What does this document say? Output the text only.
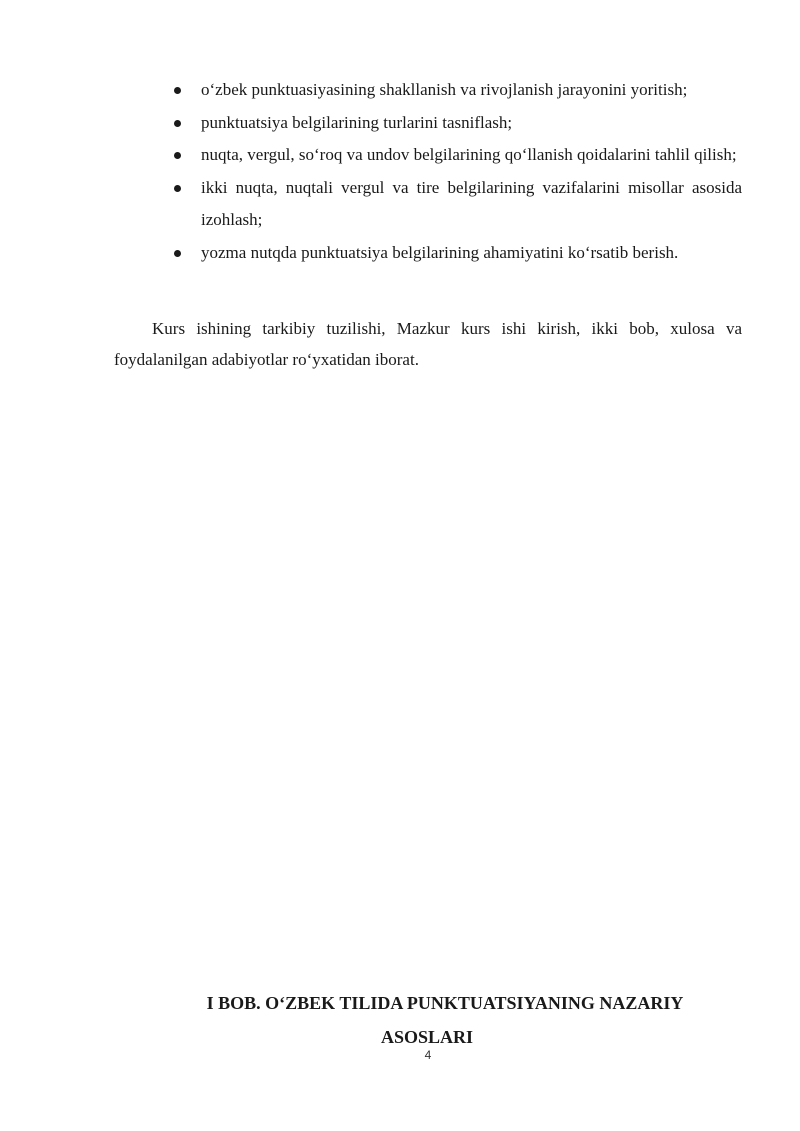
o‘zbek punktuasiyasining shakllanish va rivojlanish jarayonini yoritish;
punktuatsiya belgilarining turlarini tasniflash;
nuqta, vergul, so‘roq va undov belgilarining qo‘llanish qoidalarini tahlil qilish;
ikki nuqta, nuqtali vergul va tire belgilarining vazifalarini misollar asosida izohlash;
yozma nutqda punktuatsiya belgilarining ahamiyatini ko‘rsatib berish.

Kurs ishining tarkibiy tuzilishi, Mazkur kurs ishi kirish, ikki bob, xulosa va foydalanilgan adabiyotlar ro‘yxatidan iborat.

I BOB. O‘ZBEK TILIDA PUNKTUATSIYANING NAZARIY
ASOSLARI
4
